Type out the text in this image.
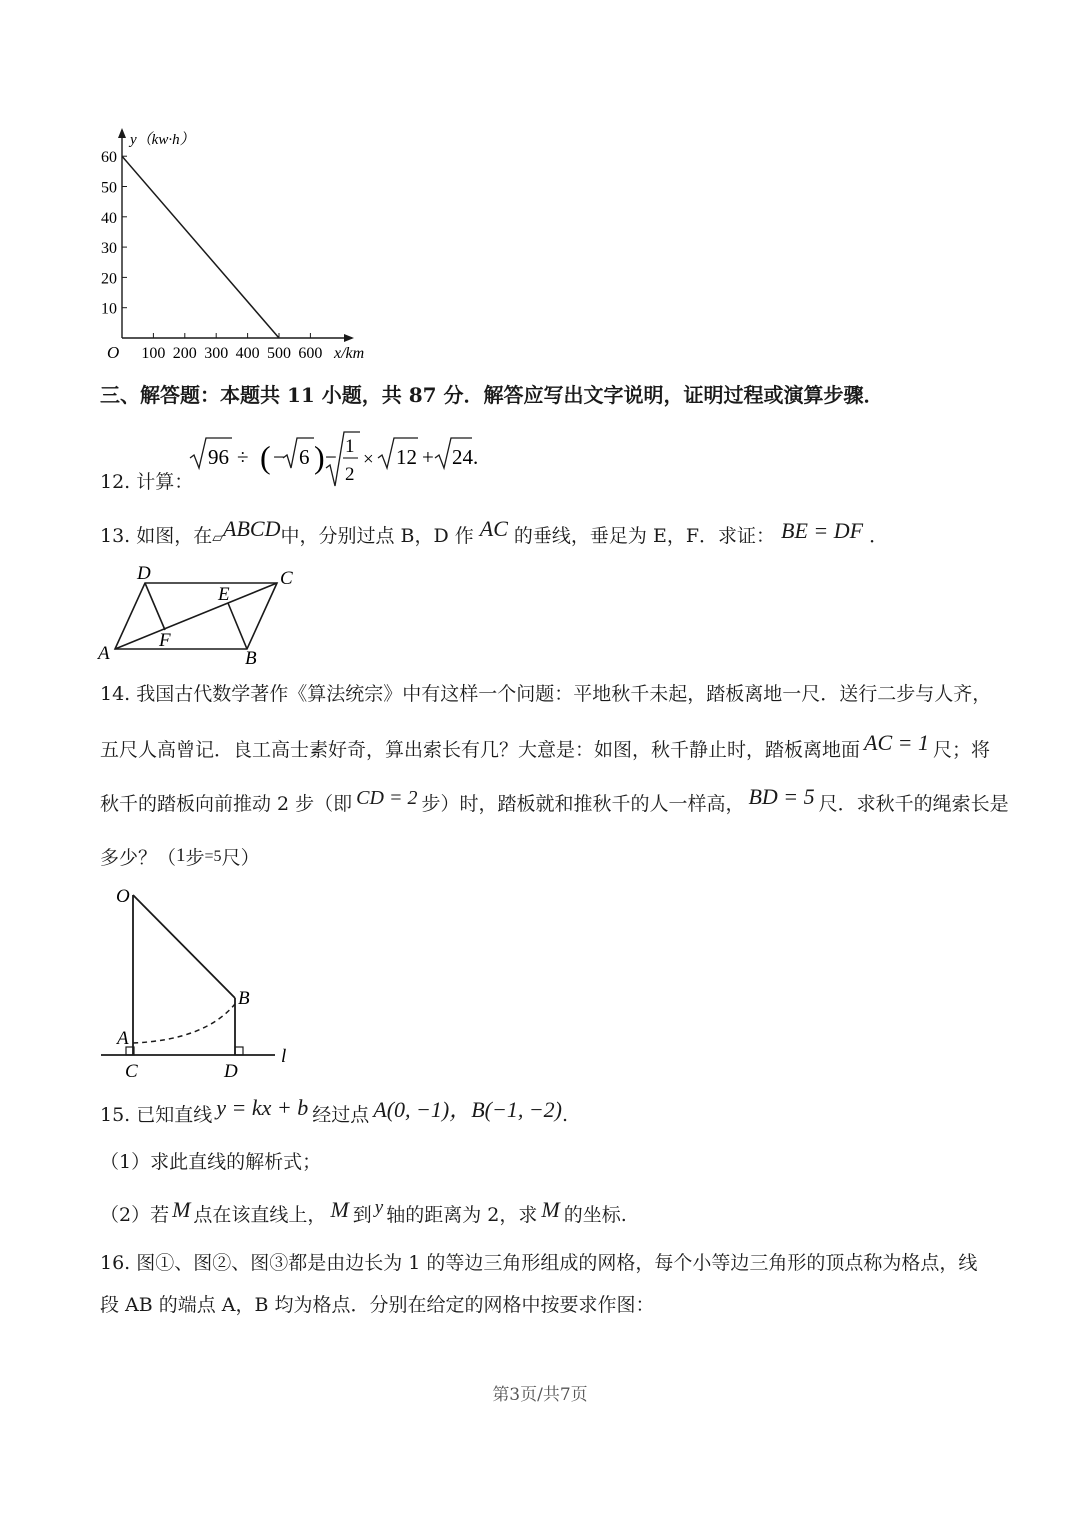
60
50
40
30
20
10
100 200 300 400 500 600
y（kw·h）
x/km
O
三、解答题：本题共 11 小题，共 87 分．解答应写出文字说明，证明过程或演算步骤．
12. 计算：
96 ÷ ( − 6 ) − 1
2
× 12 + 24 .
13. 如图，在▱ABCD中，分别过点 B，D 作 AC 的垂线，垂足为 E，F．求证： BE = DF ．
A	B
C
D
E
F
14. 我国古代数学著作《算法统宗》中有这样一个问题：平地秋千未起，踏板离地一尺．送行二步与人齐，
五尺人高曾记．良工高士素好奇，算出索长有几？大意是：如图，秋千静止时，踏板离地面 AC = 1 尺；将
秋千的踏板向前推动 2 步（即 CD = 2 步）时，踏板就和推秋千的人一样高， BD = 5 尺．求秋千的绳索长是
多少？（1步=5尺）
O
A
B
C	D
l
15. 已知直线 y = kx + b 经过点 A(0, −1)，B(−1, −2).
（1）求此直线的解析式；
（2）若 M 点在该直线上， M 到 y 轴的距离为 2，求 M 的坐标.
16. 图①、图②、图③都是由边长为 1 的等边三角形组成的网格，每个小等边三角形的顶点称为格点，线
段 AB 的端点 A，B 均为格点．分别在给定的网格中按要求作图：
第3页/共7页
